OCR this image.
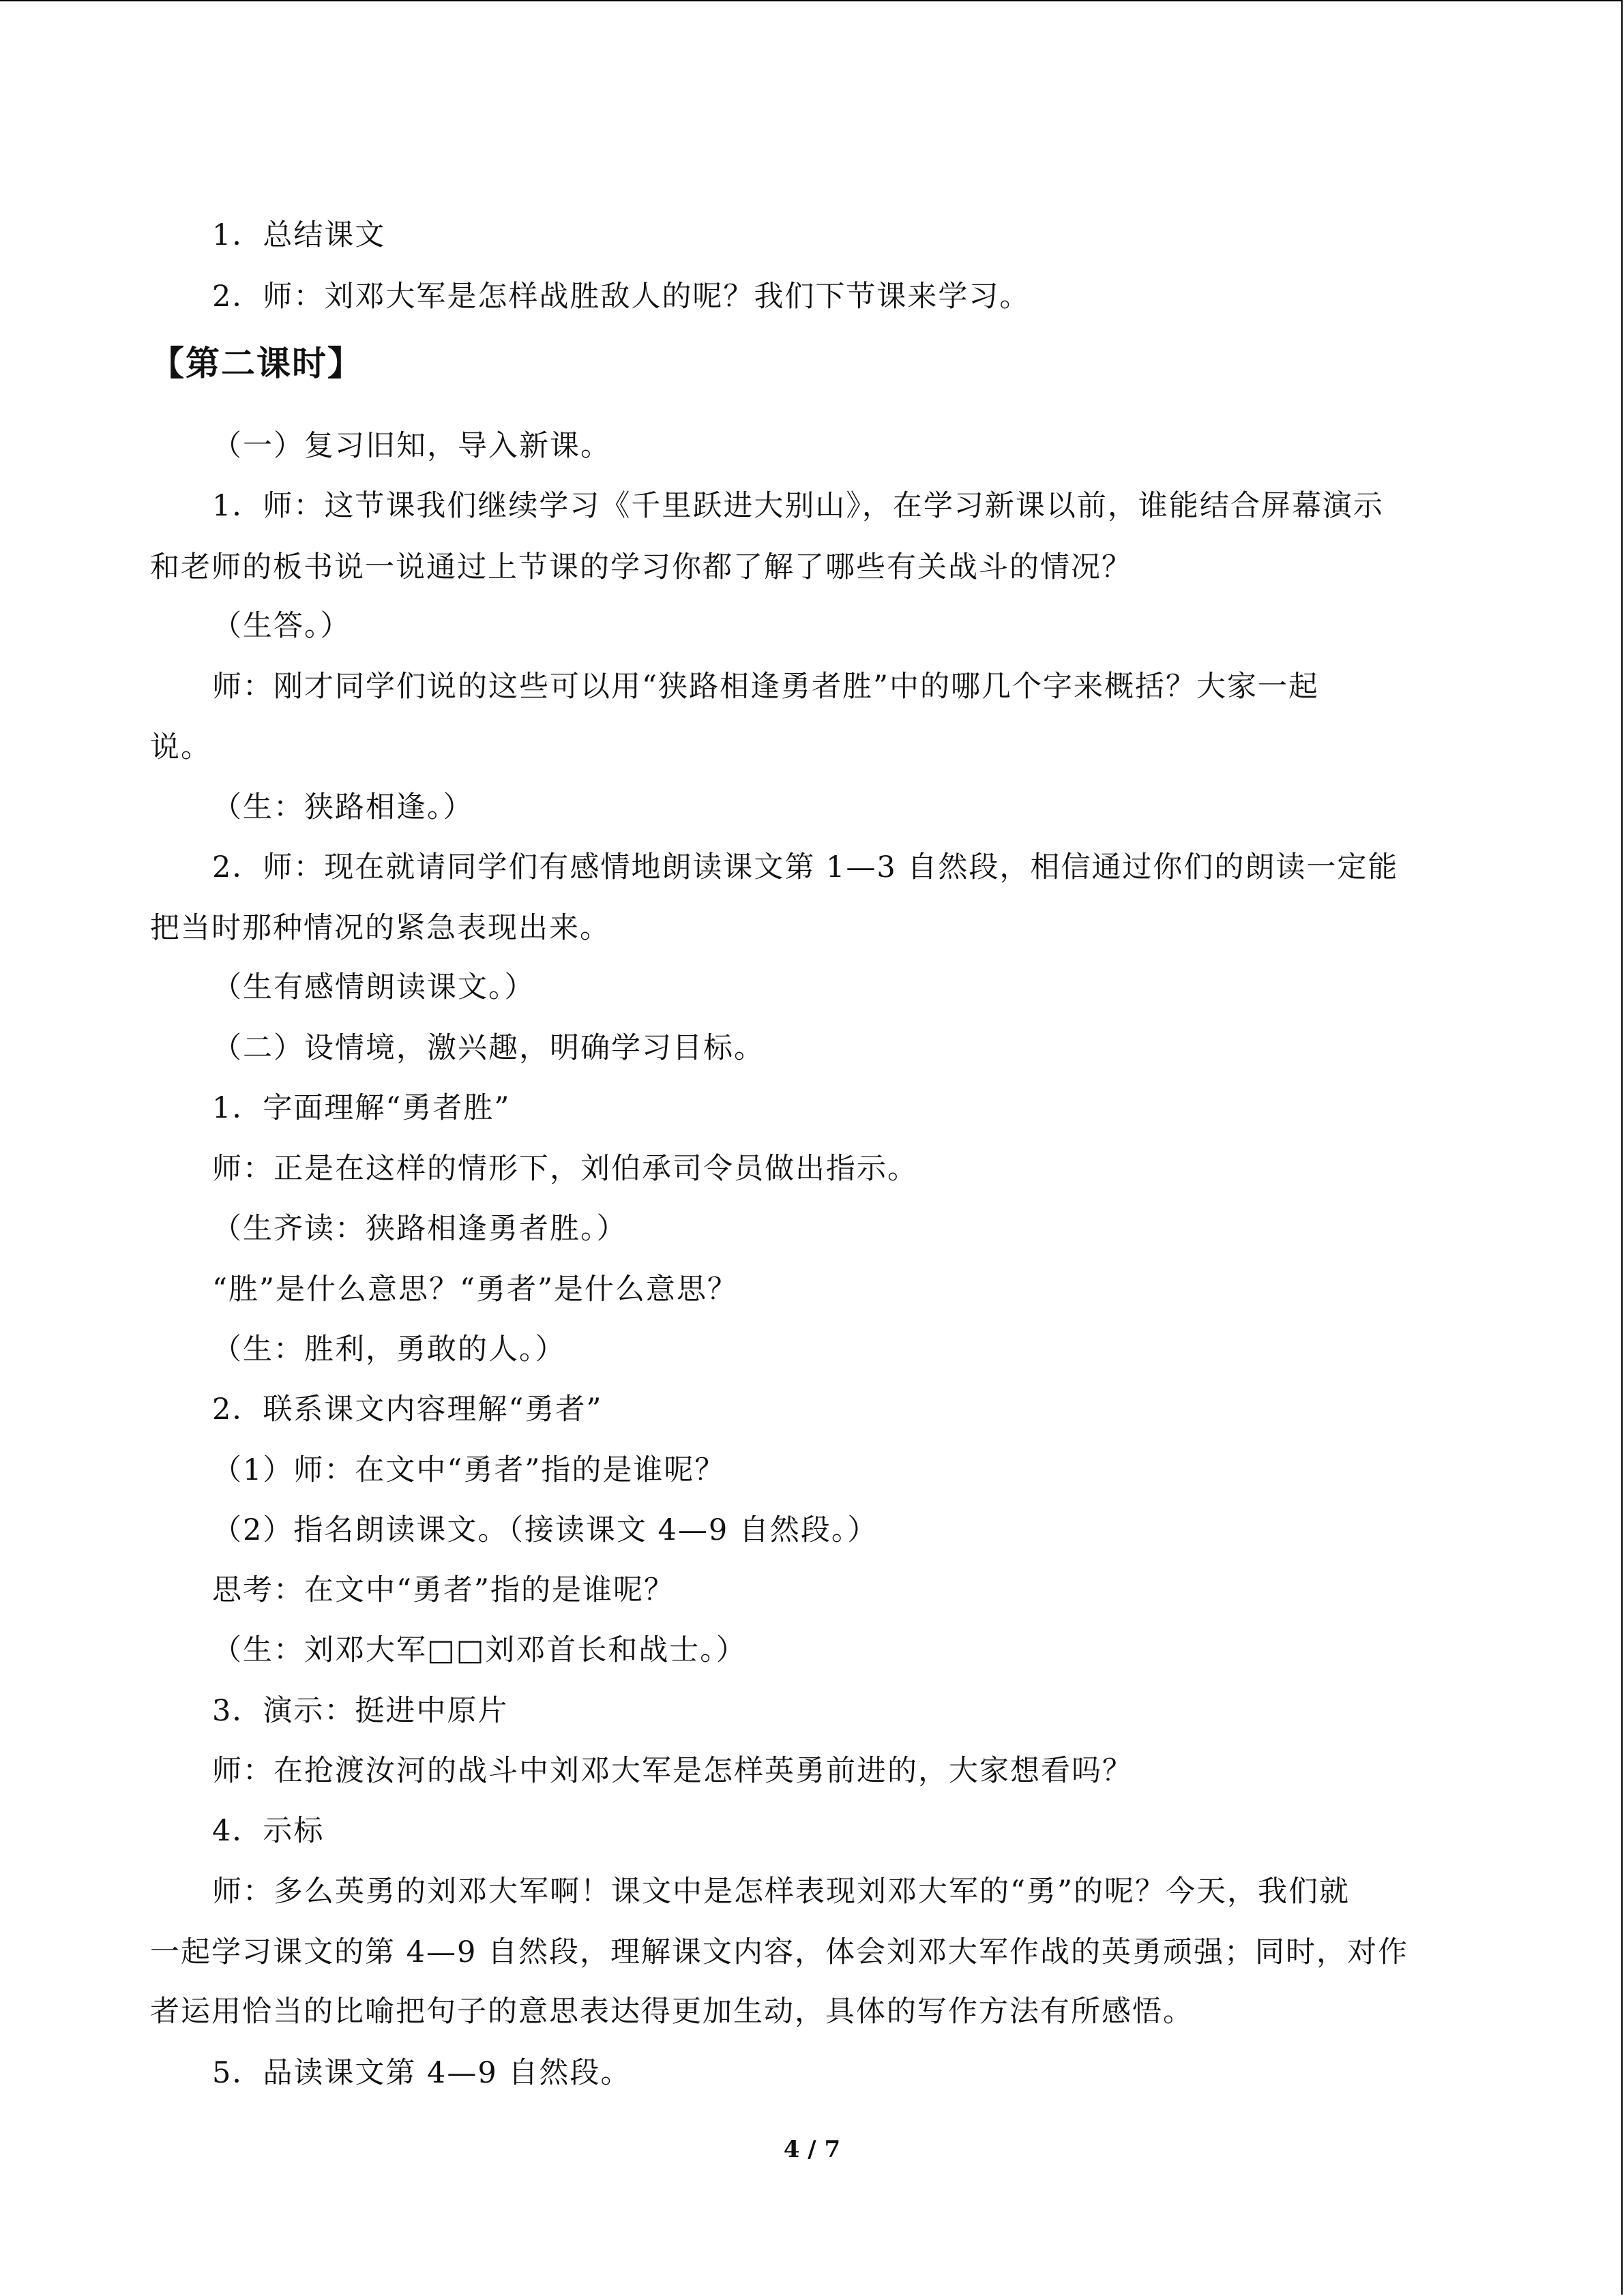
1．总结课文
2．师：刘邓大军是怎样战胜敌人的呢？我们下节课来学习。
【第二课时】
（一）复习旧知，导入新课。
1．师：这节课我们继续学习《千里跃进大别山》，在学习新课以前，谁能结合屏幕演示
和老师的板书说一说通过上节课的学习你都了解了哪些有关战斗的情况？
（生答。）
师：刚才同学们说的这些可以用“狭路相逢勇者胜”中的哪几个字来概括？大家一起
说。
（生：狭路相逢。）
2．师：现在就请同学们有感情地朗读课文第 1—3 自然段，相信通过你们的朗读一定能
把当时那种情况的紧急表现出来。
（生有感情朗读课文。）
（二）设情境，激兴趣，明确学习目标。
1．字面理解“勇者胜”
师：正是在这样的情形下，刘伯承司令员做出指示。
（生齐读：狭路相逢勇者胜。）
“胜”是什么意思？“勇者”是什么意思？
（生：胜利，勇敢的人。）
2．联系课文内容理解“勇者”
（1）师：在文中“勇者”指的是谁呢？
（2）指名朗读课文。（接读课文 4—9 自然段。）
思考：在文中“勇者”指的是谁呢？
（生：刘邓大军□□刘邓首长和战士。）
3．演示：挺进中原片
师：在抢渡汝河的战斗中刘邓大军是怎样英勇前进的，大家想看吗？
4．示标
师：多么英勇的刘邓大军啊！课文中是怎样表现刘邓大军的“勇”的呢？今天，我们就
一起学习课文的第 4—9 自然段，理解课文内容，体会刘邓大军作战的英勇顽强；同时，对作
者运用恰当的比喻把句子的意思表达得更加生动，具体的写作方法有所感悟。
5．品读课文第 4—9 自然段。
4 / 7
